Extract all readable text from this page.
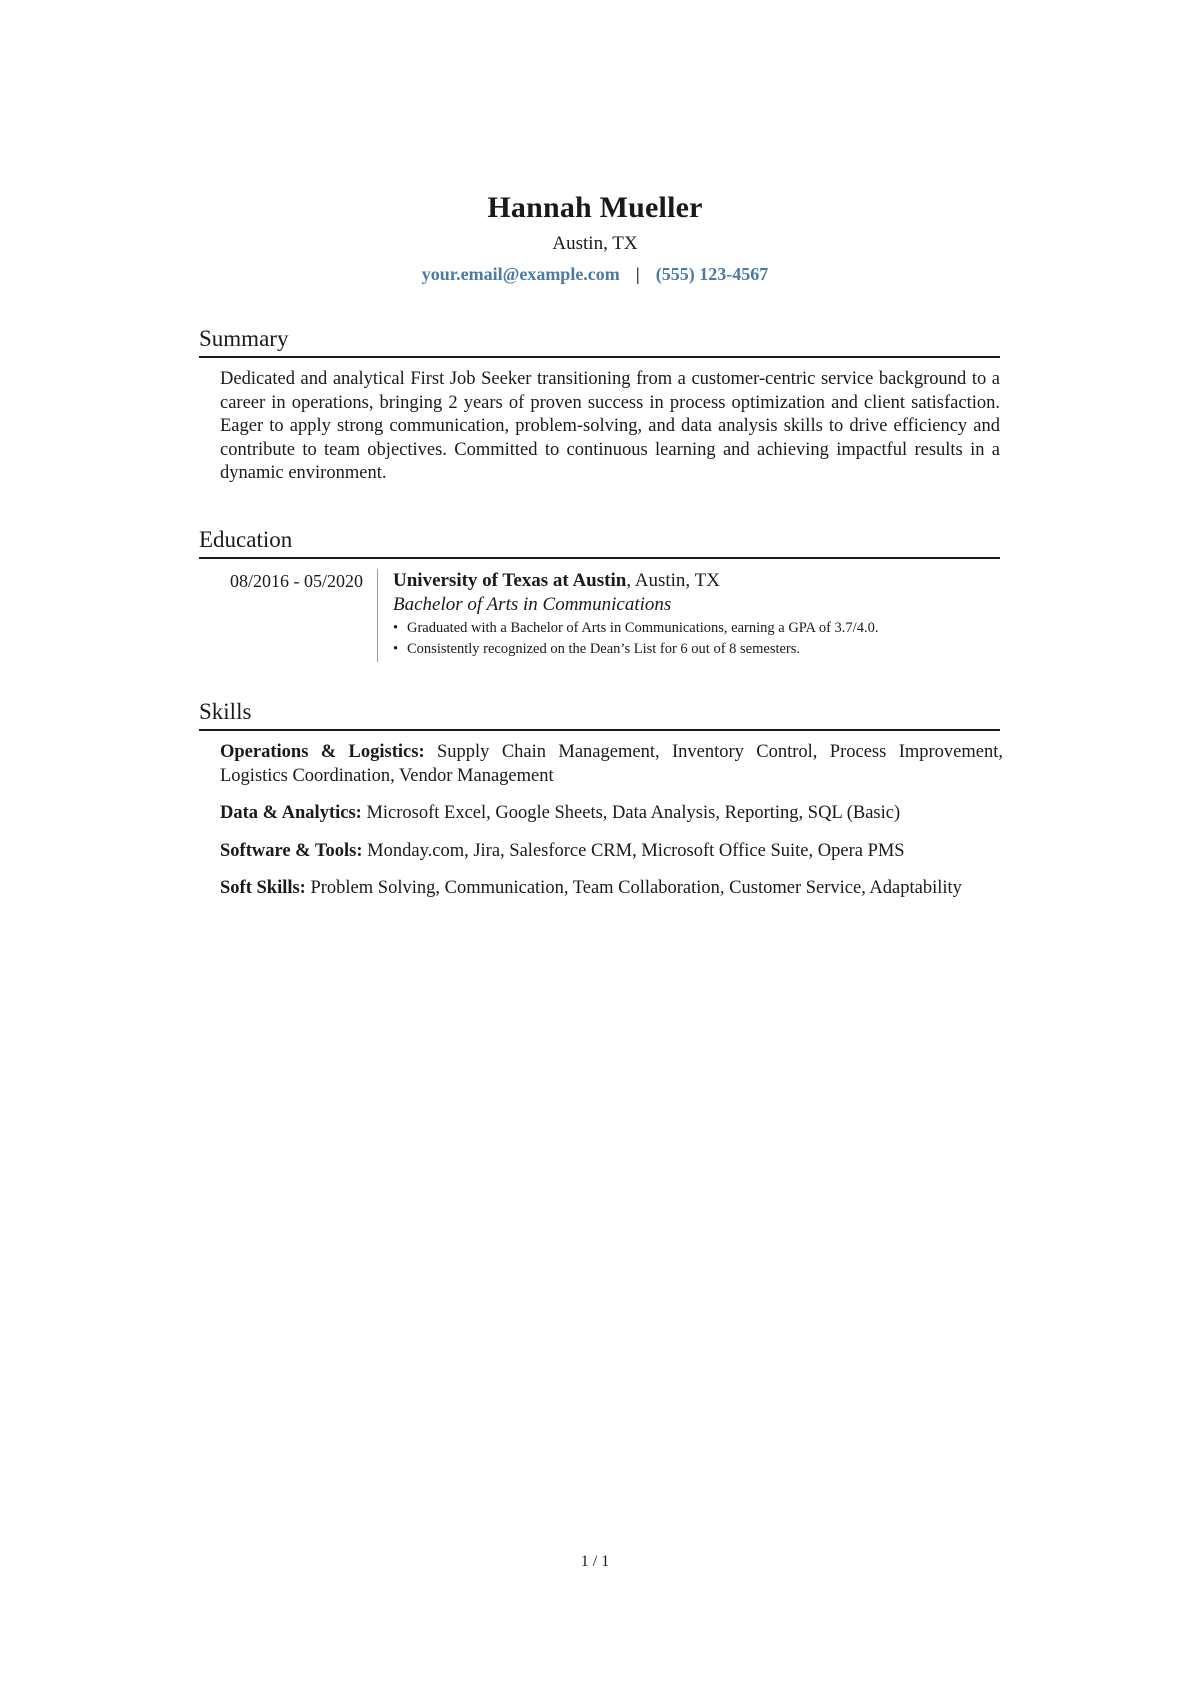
Hannah Mueller
Austin, TX
your.email@example.com | (555) 123-4567
Summary
Dedicated and analytical First Job Seeker transitioning from a customer-centric service background to a career in operations, bringing 2 years of proven success in process optimization and client satisfaction. Eager to apply strong communication, problem-solving, and data analysis skills to drive efficiency and contribute to team objectives. Committed to continuous learning and achieving impactful results in a dynamic environment.
Education
08/2016 - 05/2020	University of Texas at Austin, Austin, TX
Bachelor of Arts in Communications
• Graduated with a Bachelor of Arts in Communications, earning a GPA of 3.7/4.0.
• Consistently recognized on the Dean’s List for 6 out of 8 semesters.
Skills
Operations & Logistics: Supply Chain Management, Inventory Control, Process Improvement, Logistics Coordination, Vendor Management
Data & Analytics: Microsoft Excel, Google Sheets, Data Analysis, Reporting, SQL (Basic)
Software & Tools: Monday.com, Jira, Salesforce CRM, Microsoft Office Suite, Opera PMS
Soft Skills: Problem Solving, Communication, Team Collaboration, Customer Service, Adaptability
1 / 1
